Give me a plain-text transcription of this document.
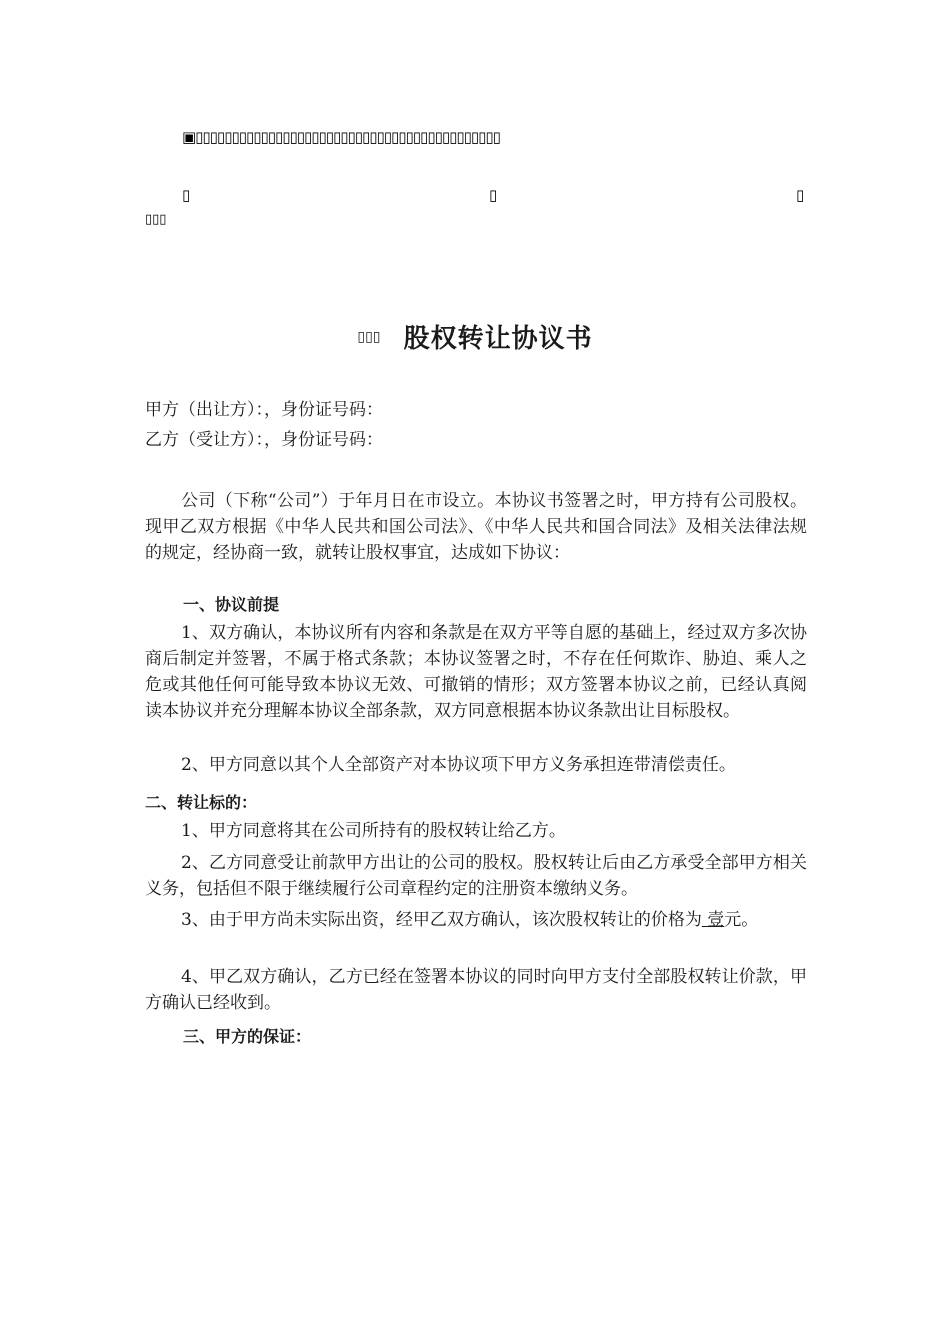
▣▯▯▯▯▯▯▯▯▯▯▯▯▯▯▯▯▯▯▯▯▯▯▯▯▯▯▯▯▯▯▯▯▯▯▯▯▯▯▯▯▯▯
▯	▯	▯
▯▯▯
▯▯▯ 股权转让协议书
甲方（出让方）：，身份证号码：
乙方（受让方）：，身份证号码：
公司（下称“公司”）于年月日在市设立。本协议书签署之时，甲方持有公司股权。现甲乙双方根据《中华人民共和国公司法》、《中华人民共和国合同法》及相关法律法规的规定，经协商一致，就转让股权事宜，达成如下协议：
一、协议前提
1、双方确认，本协议所有内容和条款是在双方平等自愿的基础上，经过双方多次协商后制定并签署，不属于格式条款；本协议签署之时，不存在任何欺诈、胁迫、乘人之危或其他任何可能导致本协议无效、可撤销的情形；双方签署本协议之前，已经认真阅读本协议并充分理解本协议全部条款，双方同意根据本协议条款出让目标股权。
2、甲方同意以其个人全部资产对本协议项下甲方义务承担连带清偿责任。
二、转让标的：
1、甲方同意将其在公司所持有的股权转让给乙方。
2、乙方同意受让前款甲方出让的公司的股权。股权转让后由乙方承受全部甲方相关义务，包括但不限于继续履行公司章程约定的注册资本缴纳义务。
3、由于甲方尚未实际出资，经甲乙双方确认，该次股权转让的价格为 壹元。
4、甲乙双方确认，乙方已经在签署本协议的同时向甲方支付全部股权转让价款，甲方确认已经收到。
三、甲方的保证：
